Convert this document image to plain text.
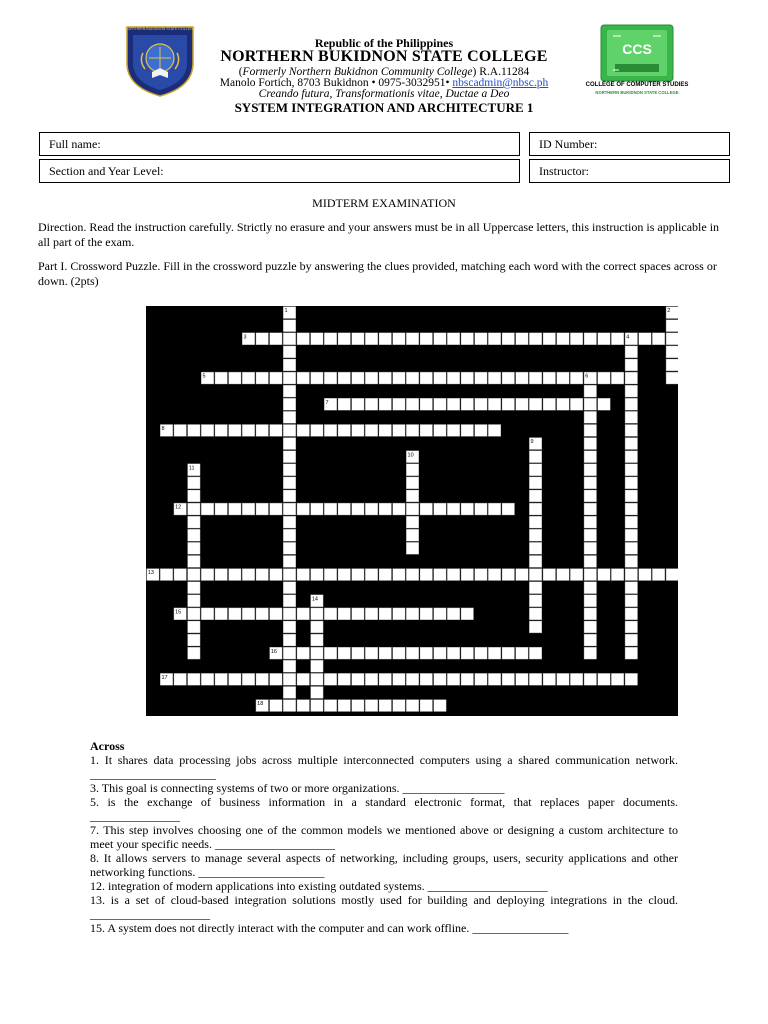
NORTHERN BUKIDNON STATE COLLEGE
CCS
COLLEGE OF COMPUTER STUDIES
NORTHERN BUKIDNON STATE COLLEGE
Republic of the Philippines
NORTHERN BUKIDNON STATE COLLEGE
(Formerly Northern Bukidnon Community College) R.A.11284
Manolo Fortich, 8703 Bukidnon • 0975-3032951• nbscadmin@nbsc.ph
Creando futura, Transformationis vitae, Ductae a Deo
SYSTEM INTEGRATION AND ARCHITECTURE 1
Full name:
Section and Year Level:
ID Number:
Instructor:
MIDTERM EXAMINATION
Direction. Read the instruction carefully. Strictly no erasure and your answers must be in all Uppercase letters, this instruction is applicable in all part of the exam.
Part I. Crossword Puzzle. Fill in the crossword puzzle by answering the clues provided, matching each word with the correct spaces across or down. (2pts)
1	2
3	4
5	6
7
8
9
10
11
12
13
14
15
16
17
18
Across
1. It shares data processing jobs across multiple interconnected computers using a shared communication network. _____________________
3. This goal is connecting systems of two or more organizations. _________________
5. is the exchange of business information in a standard electronic format, that replaces paper documents. _______________
7. This step involves choosing one of the common models we mentioned above or designing a custom architecture to meet your specific needs. ____________________
8. It allows servers to manage several aspects of networking, including groups, users, security applications and other networking functions. _____________________
12. integration of modern applications into existing outdated systems. ____________________
13. is a set of cloud-based integration solutions mostly used for building and deploying integrations in the cloud. ____________________
15. A system does not directly interact with the computer and can work offline. ________________
